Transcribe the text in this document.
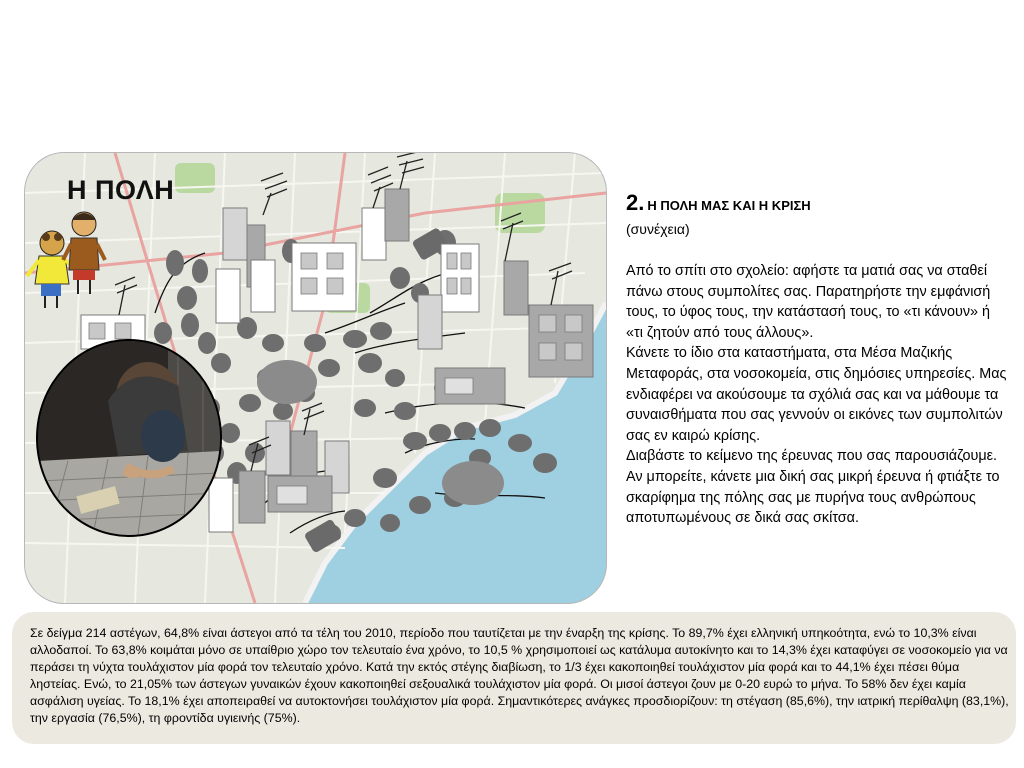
Η ΠΟΛΗ	2. Η ΠΟΛΗ ΜΑΣ ΚΑΙ Η ΚΡΙΣΗ
(συνέχεια)

Από το σπίτι στο σχολείο: αφήστε τα ματιά σας να σταθεί πάνω στους συμπολίτες σας. Παρατηρήστε την εμφάνισή τους, το ύφος τους, την κατάστασή τους, το «τι κάνουν» ή «τι ζητούν από τους άλλους».

Κάνετε το ίδιο στα καταστήματα, στα Μέσα Μαζικής Μεταφοράς, στα νοσοκομεία, στις δημόσιες υπηρεσίες. Μας ενδιαφέρει να ακούσουμε τα σχόλιά σας και να μάθουμε τα συναισθήματα που σας γεννούν οι εικόνες των συμπολιτών σας εν καιρώ κρίσης.

Διαβάστε το κείμενο της έρευνας που σας παρουσιάζουμε. Αν μπορείτε, κάνετε μια δική σας μικρή έρευνα ή φτιάξτε το σκαρίφημα της πόλης σας με πυρήνα τους ανθρώπους αποτυπωμένους σε δικά σας σκίτσα.

Σε δείγμα 214 αστέγων, 64,8% είναι άστεγοι από τα τέλη του 2010, περίοδο που ταυτίζεται με την έναρξη της κρίσης. Το 89,7% έχει ελληνική υπηκοότητα, ενώ το 10,3% είναι αλλοδαποί. Το 63,8% κοιμάται μόνο σε υπαίθριο χώρο τον τελευταίο ένα χρόνο, το 10,5 % χρησιμοποιεί ως κατάλυμα αυτοκίνητο και το 14,3% έχει καταφύγει σε νοσοκομείο για να περάσει τη νύχτα τουλάχιστον μία φορά τον τελευταίο χρόνο. Κατά την εκτός στέγης διαβίωση, το 1/3 έχει κακοποιηθεί τουλάχιστον μία φορά και το 44,1% έχει πέσει θύμα ληστείας. Ενώ, το 21,05% των άστεγων γυναικών έχουν κακοποιηθεί σεξουαλικά τουλάχιστον μία φορά. Οι μισοί άστεγοι ζουν με 0-20 ευρώ το μήνα. Το 58% δεν έχει καμία ασφάλιση υγείας. Το 18,1% έχει αποπειραθεί να αυτοκτονήσει τουλάχιστον μία φορά. Σημαντικότερες ανάγκες προσδιορίζουν: τη στέγαση (85,6%), την ιατρική περίθαλψη (83,1%), την εργασία (76,5%), τη φροντίδα υγιεινής (75%).
